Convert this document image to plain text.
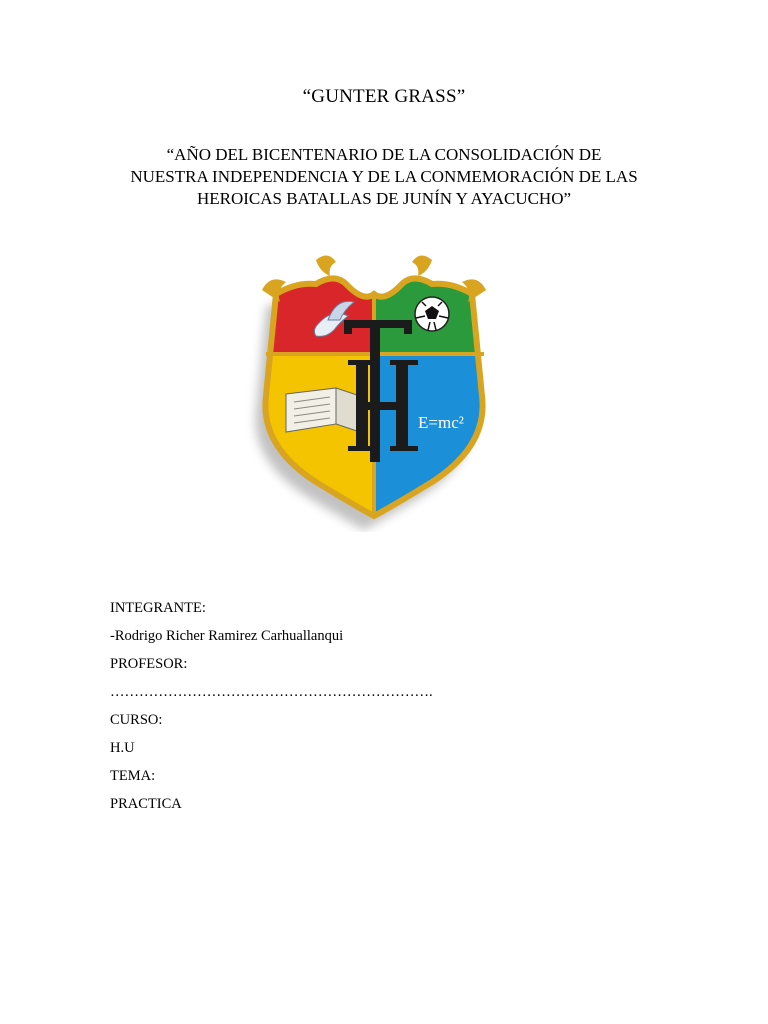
“GUNTER GRASS”
“AÑO DEL BICENTENARIO DE LA CONSOLIDACIÓN DE
NUESTRA INDEPENDENCIA Y DE LA CONMEMORACIÓN DE LAS
HEROICAS BATALLAS DE JUNÍN Y AYACUCHO”
E=mc²
INTEGRANTE:
-Rodrigo Richer Ramirez Carhuallanqui
PROFESOR:
………………………………………………………….
CURSO:
H.U
TEMA:
PRACTICA
